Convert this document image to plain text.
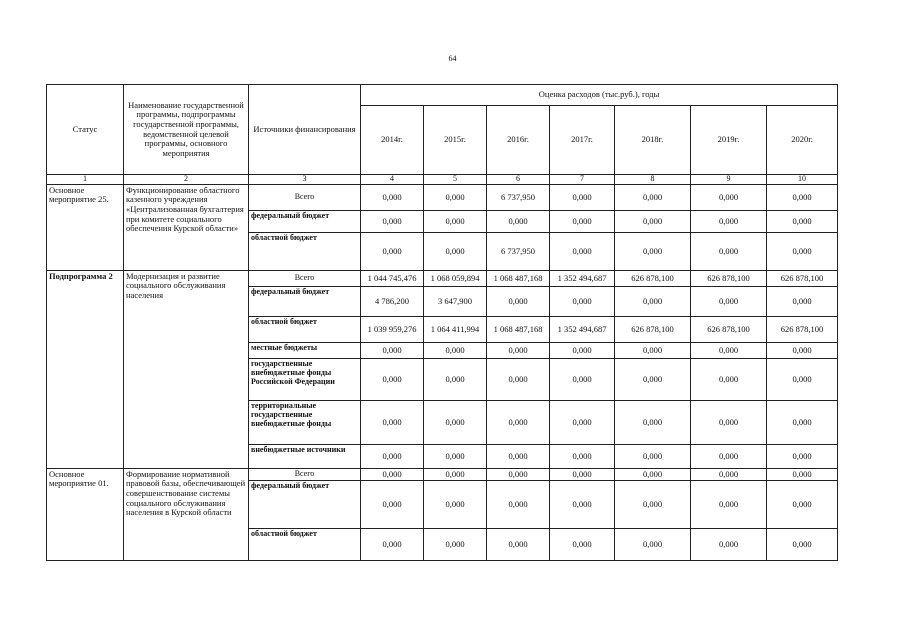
64
Статус	Наименование государственной программы, подпрограммы государственной программы, ведомственной целевой программы, основного мероприятия	Источники финансирования	Оценка расходов (тыс.руб.), годы						
			2014г.	2015г.	2016г.	2017г.	2018г.	2019г.	2020г.
1	2	3	4	5	6	7	8	9	10
Основное мероприятие 25.	Функционирование областного казенного учреждения «Централизованная бухгалтерия при комитете социального обеспечения Курской области»	Всего	0,000	0,000	6 737,950	0,000	0,000	0,000	0,000
		федеральный бюджет	0,000	0,000	0,000	0,000	0,000	0,000	0,000
		областной бюджет	0,000	0,000	6 737,950	0,000	0,000	0,000	0,000
Подпрограмма 2	Модернизация и развитие социального обслуживания населения	Всего	1 044 745,476	1 068 059,894	1 068 487,168	1 352 494,687	626 878,100	626 878,100	626 878,100
		федеральный бюджет	4 786,200	3 647,900	0,000	0,000	0,000	0,000	0,000
		областной бюджет	1 039 959,276	1 064 411,994	1 068 487,168	1 352 494,687	626 878,100	626 878,100	626 878,100
		местные бюджеты	0,000	0,000	0,000	0,000	0,000	0,000	0,000
		государственные внебюджетные фонды Российской Федерации	0,000	0,000	0,000	0,000	0,000	0,000	0,000
		территориальные государственные внебюджетные фонды	0,000	0,000	0,000	0,000	0,000	0,000	0,000
		внебюджетные источники	0,000	0,000	0,000	0,000	0,000	0,000	0,000
Основное мероприятие 01.	Формирование нормативной правовой базы, обеспечивающей совершенствование системы социального обслуживания населения в Курской области	Всего	0,000	0,000	0,000	0,000	0,000	0,000	0,000
		федеральный бюджет	0,000	0,000	0,000	0,000	0,000	0,000	0,000
		областной бюджет	0,000	0,000	0,000	0,000	0,000	0,000	0,000
